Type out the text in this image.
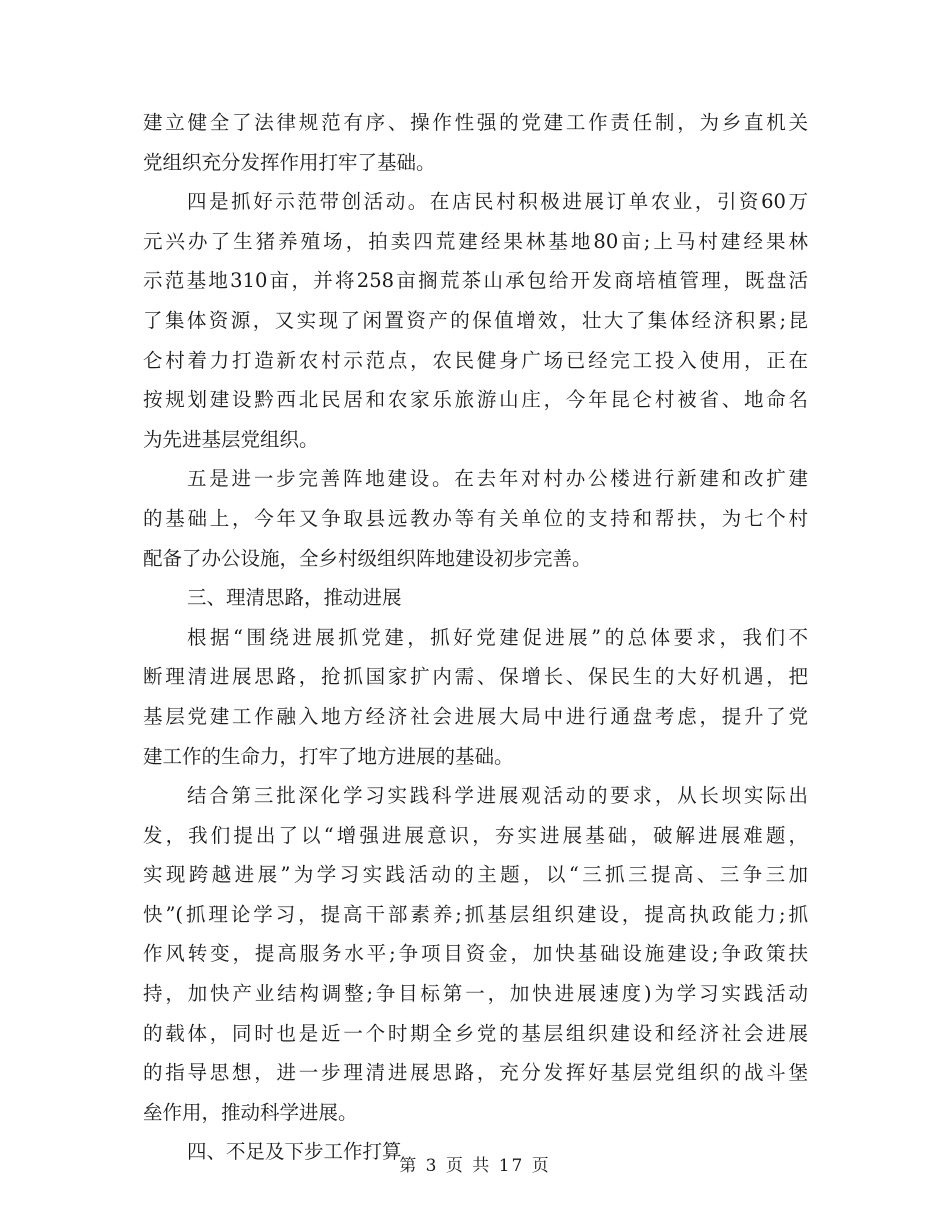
建立健全了法律规范有序、操作性强的党建工作责任制，为乡直机关
党组织充分发挥作用打牢了基础。
四是抓好示范带创活动。在店民村积极进展订单农业，引资60万
元兴办了生猪养殖场，拍卖四荒建经果林基地80亩;上马村建经果林
示范基地310亩，并将258亩搁荒茶山承包给开发商培植管理，既盘活
了集体资源，又实现了闲置资产的保值增效，壮大了集体经济积累;昆
仑村着力打造新农村示范点，农民健身广场已经完工投入使用，正在
按规划建设黔西北民居和农家乐旅游山庄，今年昆仑村被省、地命名
为先进基层党组织。
五是进一步完善阵地建设。在去年对村办公楼进行新建和改扩建
的基础上，今年又争取县远教办等有关单位的支持和帮扶，为七个村
配备了办公设施，全乡村级组织阵地建设初步完善。
三、理清思路，推动进展
根据“围绕进展抓党建，抓好党建促进展”的总体要求，我们不
断理清进展思路，抢抓国家扩内需、保增长、保民生的大好机遇，把
基层党建工作融入地方经济社会进展大局中进行通盘考虑，提升了党
建工作的生命力，打牢了地方进展的基础。
结合第三批深化学习实践科学进展观活动的要求，从长坝实际出
发，我们提出了以“增强进展意识，夯实进展基础，破解进展难题，
实现跨越进展”为学习实践活动的主题，以“三抓三提高、三争三加
快”(抓理论学习，提高干部素养;抓基层组织建设，提高执政能力;抓
作风转变，提高服务水平;争项目资金，加快基础设施建设;争政策扶
持，加快产业结构调整;争目标第一，加快进展速度)为学习实践活动
的载体，同时也是近一个时期全乡党的基层组织建设和经济社会进展
的指导思想，进一步理清进展思路，充分发挥好基层党组织的战斗堡
垒作用，推动科学进展。
四、不足及下步工作打算
第 3 页 共 17 页
